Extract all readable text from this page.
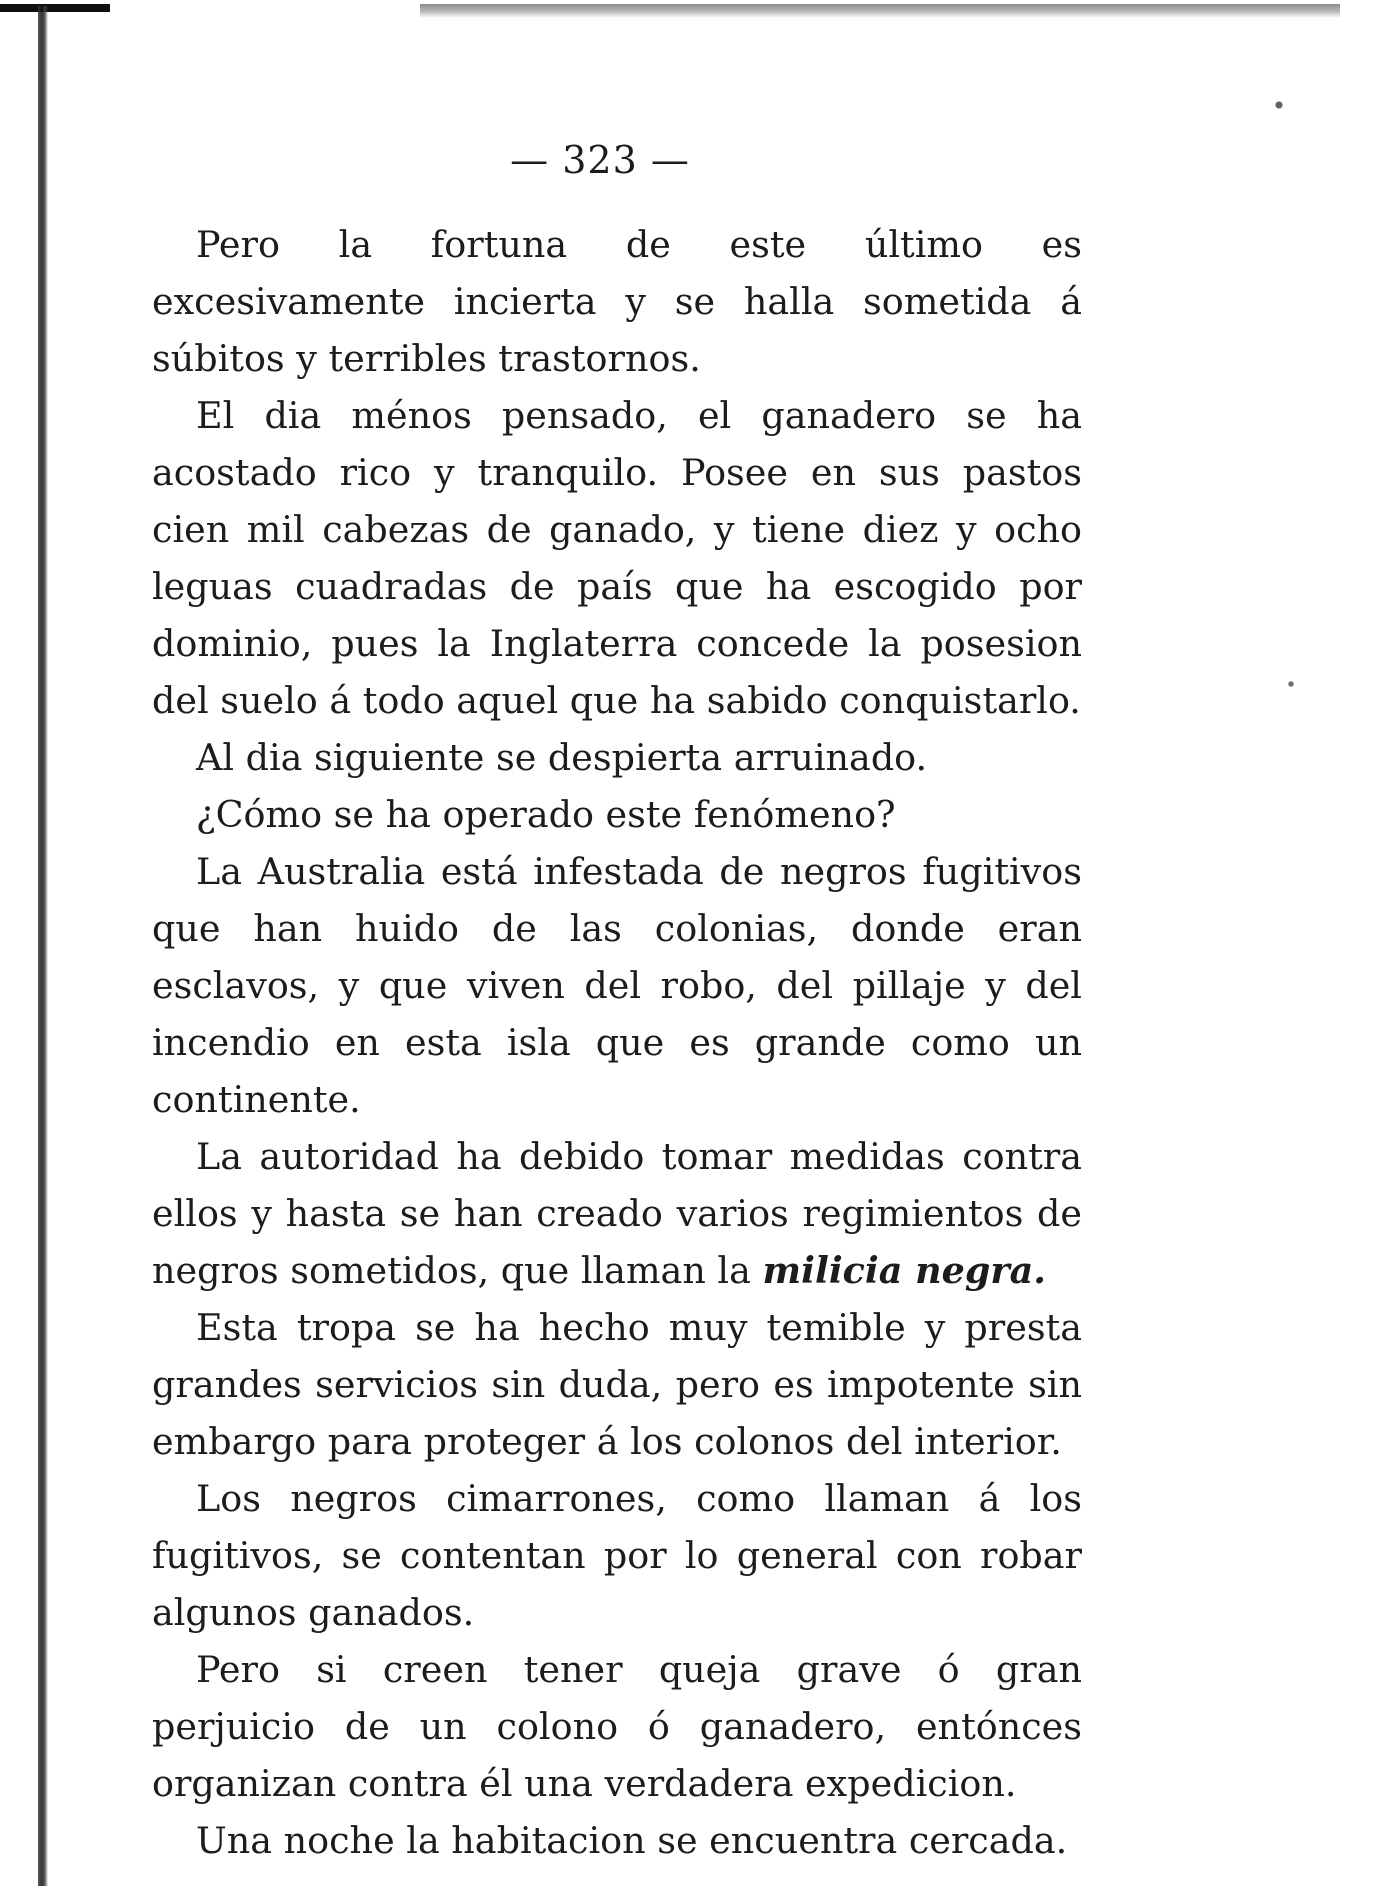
— 323 —

Pero la fortuna de este último es excesivamente incierta y se halla sometida á súbitos y terribles trastornos.

El dia ménos pensado, el ganadero se ha acostado rico y tranquilo. Posee en sus pastos cien mil cabezas de ganado, y tiene diez y ocho leguas cuadradas de país que ha escogido por dominio, pues la Inglaterra concede la posesion del suelo á todo aquel que ha sabido conquistarlo.

Al dia siguiente se despierta arruinado.

¿Cómo se ha operado este fenómeno?

La Australia está infestada de negros fugitivos que han huido de las colonias, donde eran esclavos, y que viven del robo, del pillaje y del incendio en esta isla que es grande como un continente.

La autoridad ha debido tomar medidas contra ellos y hasta se han creado varios regimientos de negros sometidos, que llaman la milicia negra.

Esta tropa se ha hecho muy temible y presta grandes servicios sin duda, pero es impotente sin embargo para proteger á los colonos del interior.

Los negros cimarrones, como llaman á los fugitivos, se contentan por lo general con robar algunos ganados.

Pero si creen tener queja grave ó gran perjuicio de un colono ó ganadero, entónces organizan contra él una verdadera expedicion.

Una noche la habitacion se encuentra cercada.
